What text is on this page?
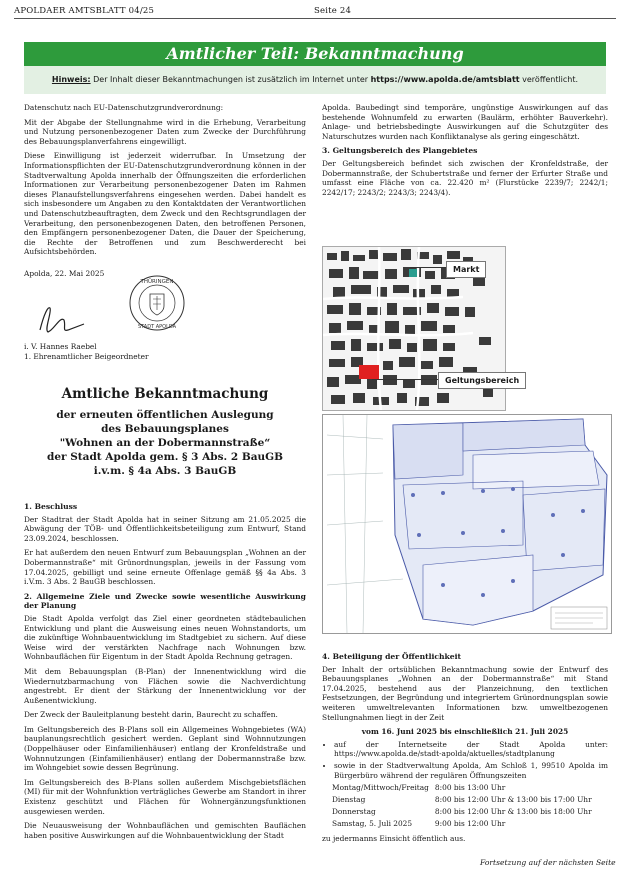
APOLDAER AMTSBLATT 04/25	Seite 24
Amtlicher Teil: Bekanntmachung
Hinweis: Der Inhalt dieser Bekanntmachungen ist zusätzlich im Internet unter https://www.apolda.de/amtsblatt veröffentlicht.

Datenschutz nach EU-Datenschutzgrundverordnung:

Mit der Abgabe der Stellungnahme wird in die Erhebung, Verarbeitung und Nutzung personenbezogener Daten zum Zwecke der Durchführung des Bebauungsplanverfahrens eingewilligt.

Diese Einwilligung ist jederzeit widerrufbar. In Umsetzung der Informationspflichten der EU-Datenschutzgrundverordnung können in der Stadtverwaltung Apolda innerhalb der Öffnungszeiten die erforderlichen Informationen zur Verarbeitung personenbezogener Daten im Rahmen dieses Planaufstellungsverfahrens eingesehen werden. Dabei handelt es sich insbesondere um Angaben zu den Kontaktdaten der Verantwortlichen und Datenschutzbeauftragten, dem Zweck und den Rechtsgrundlagen der Verarbeitung, den personenbezogenen Daten, den betroffenen Personen, den Empfängern personenbezogener Daten, die Dauer der Speicherung, die Rechte der Betroffenen und zum Beschwerderecht bei Aufsichtsbehörden.

Apolda, 22. Mai 2025

THÜRINGEN
STADT APOLDA
i. V. Hannes Raebel
1. Ehrenamtlicher Beigeordneter
Amtliche Bekanntmachung
der erneuten öffentlichen Auslegung
des Bebauungsplanes
"Wohnen an der Dobermannstraße“
der Stadt Apolda gem. § 3 Abs. 2 BauGB
i.v.m. § 4a Abs. 3 BauGB
1. Beschluss

Der Stadtrat der Stadt Apolda hat in seiner Sitzung am 21.05.2025 die Abwägung der TÖB- und Öffentlichkeitsbeteiligung zum Entwurf, Stand 23.09.2024, beschlossen.

Er hat außerdem den neuen Entwurf zum Bebauungsplan „Wohnen an der Dobermannstraße“ mit Grünordnungsplan, jeweils in der Fassung vom 17.04.2025, gebilligt und seine erneute Offenlage gemäß §§ 4a Abs. 3 i.V.m. 3 Abs. 2 BauGB beschlossen.

2. Allgemeine Ziele und Zwecke sowie wesentliche Auswirkung der Planung

Die Stadt Apolda verfolgt das Ziel einer geordneten städtebaulichen Entwicklung und plant die Ausweisung eines neuen Wohnstandorts, um die zukünftige Wohnbauentwicklung im Stadtgebiet zu sichern. Auf diese Weise wird der verstärkten Nachfrage nach Wohnungen bzw. Wohnbauflächen für Eigentum in der Stadt Apolda Rechnung getragen.

Mit dem Bebauungsplan (B-Plan) der Innenentwicklung wird die Wiedernutzbarmachung von Flächen sowie die Nachverdichtung angestrebt. Er dient der Stärkung der Innenentwicklung vor der Außenentwicklung.

Der Zweck der Bauleitplanung besteht darin, Baurecht zu schaffen.

Im Geltungsbereich des B-Plans soll ein Allgemeines Wohngebietes (WA) bauplanungsrechtlich gesichert werden. Geplant sind Wohnnutzungen (Doppelhäuser oder Einfamilienhäuser) entlang der Kronfeldstraße und Wohnnutzungen (Einfamilienhäuser) entlang der Dobermannstraße bzw. im Wohngebiet sowie dessen Begrünung.

Im Geltungsbereich des B-Plans sollen außerdem Mischgebietsflächen (MI) für mit der Wohnfunktion verträgliches Gewerbe am Standort in ihrer Existenz geschützt und Flächen für Wohnergänzungsfunktionen ausgewiesen werden.

Die Neuausweisung der Wohnbauflächen und gemischten Bauflächen haben positive Auswirkungen auf die Wohnbauentwicklung der Stadt

Apolda. Baubedingt sind temporäre, ungünstige Auswirkungen auf das bestehende Wohnumfeld zu erwarten (Baulärm, erhöhter Bauverkehr). Anlage- und betriebsbedingte Auswirkungen auf die Schutzgüter des Naturschutzes wurden nach Konfliktanalyse als gering eingeschätzt.

3. Geltungsbereich des Plangebietes

Der Geltungsbereich befindet sich zwischen der Kronfeldstraße, der Dobermannstraße, der Schubertstraße und ferner der Erfurter Straße und umfasst eine Fläche von ca. 22.420 m² (Flurstücke 2239/7; 2242/1; 2242/17; 2243/2; 2243/3; 2243/4).

Markt
Geltungsbereich
4. Beteiligung der Öffentlichkeit

Der Inhalt der ortsüblichen Bekanntmachung sowie der Entwurf des Bebauungsplanes „Wohnen an der Dobermannstraße“ mit Stand 17.04.2025, bestehend aus der Planzeichnung, den textlichen Festsetzungen, der Begründung und integriertem Grünordnungsplan sowie weiteren umweltrelevanten Informationen bzw. umweltbezogenen Stellungnahmen liegt in der Zeit

vom 16. Juni 2025 bis einschließlich 21. Juli 2025

• auf der Internetseite der Stadt Apolda unter: https://www.apolda.de/stadt-apolda/aktuelles/stadtplanung
• sowie in der Stadtverwaltung Apolda, Am Schloß 1, 99510 Apolda im Bürgerbüro während der regulären Öffnungszeiten
Montag/Mittwoch/Freitag	8:00 bis 13:00 Uhr
Dienstag	8:00 bis 12:00 Uhr & 13:00 bis 17:00 Uhr
Donnerstag	8:00 bis 12:00 Uhr & 13:00 bis 18:00 Uhr
Samstag, 5. Juli 2025	9:00 bis 12:00 Uhr

zu jedermanns Einsicht öffentlich aus.

Fortsetzung auf der nächsten Seite
